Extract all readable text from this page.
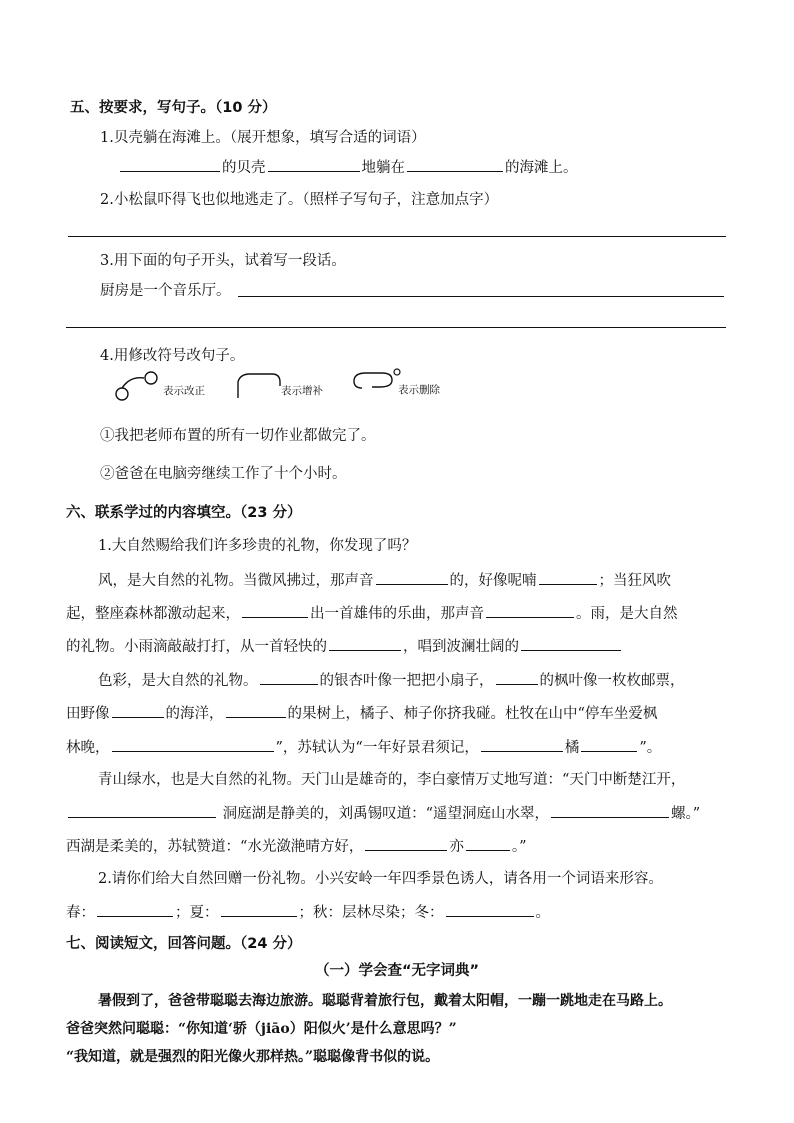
五、按要求，写句子。（10 分）
1.贝壳躺在海滩上。（展开想象，填写合适的词语）
的贝壳	地躺在	的海滩上。
2.小松鼠吓得飞也似地逃走了。（照样子写句子，注意加点字）
3.用下面的句子开头，试着写一段话。
厨房是一个音乐厅。
4.用修改符号改句子。
表示改正	表示增补	表示删除
①我把老师布置的所有一切作业都做完了。
②爸爸在电脑旁继续工作了十个小时。
六、联系学过的内容填空。（23 分）
1.大自然赐给我们许多珍贵的礼物，你发现了吗？
风，是大自然的礼物。当微风拂过，那声音	的，好像呢喃	；当狂风吹
起，整座森林都激动起来，	出一首雄伟的乐曲，那声音	。雨，是大自然
的礼物。小雨滴敲敲打打，从一首轻快的	，唱到波澜壮阔的
色彩，是大自然的礼物。	的银杏叶像一把把小扇子，	的枫叶像一枚枚邮票，
田野像	的海洋，	的果树上，橘子、柿子你挤我碰。杜牧在山中“停车坐爱枫
林晚，	”，苏轼认为“一年好景君须记，	橘	”。
青山绿水，也是大自然的礼物。天门山是雄奇的，李白豪情万丈地写道：“天门中断楚江开，
洞庭湖是静美的，刘禹锡叹道：“遥望洞庭山水翠，	螺。”
西湖是柔美的，苏轼赞道：“水光潋滟晴方好，	亦	。”
2.请你们给大自然回赠一份礼物。小兴安岭一年四季景色诱人，请各用一个词语来形容。
春：	；夏：	；秋：层林尽染；冬：	。
七、阅读短文，回答问题。（24 分）
（一）学会查“无字词典”
暑假到了，爸爸带聪聪去海边旅游。聪聪背着旅行包，戴着太阳帽，一蹦一跳地走在马路上。
爸爸突然问聪聪：“你知道‘骄（jiāo）阳似火’是什么意思吗？”
“我知道，就是强烈的阳光像火那样热。”聪聪像背书似的说。
